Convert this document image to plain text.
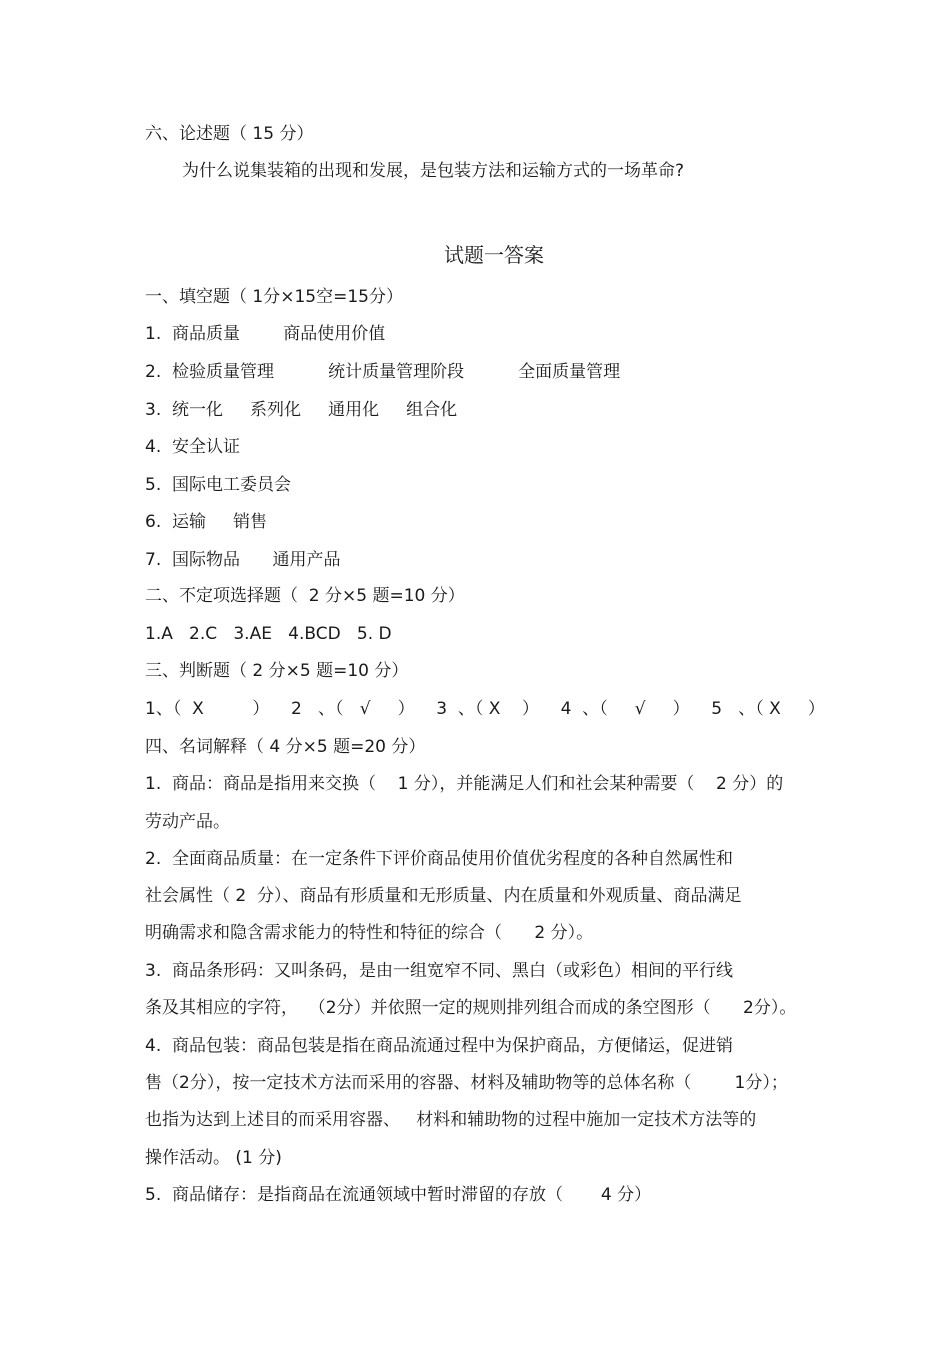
六、论述题（ 15 分）

为什么说集装箱的出现和发展，是包装方法和运输方式的一场革命?

试题一答案

一、填空题（ 1分×15空=15分）

1.  商品质量        商品使用价值

2.  检验质量管理          统计质量管理阶段          全面质量管理

3.  统一化     系列化     通用化     组合化

4.  安全认证

5.  国际电工委员会

6.  运输     销售

7.  国际物品      通用产品

二、不定项选择题（  2 分×5 题=10 分）

1.A   2.C   3.AE   4.BCD   5. D

三、判断题（ 2 分×5 题=10 分）

1、（  X         ）    2   、（   √     ）    3  、（ X    ）    4  、（     √     ）    5   、（ X     ）

四、名词解释（ 4 分×5 题=20 分）

1.  商品：商品是指用来交换（    1 分），并能满足人们和社会某种需要（    2 分）的

劳动产品。

2.  全面商品质量：在一定条件下评价商品使用价值优劣程度的各种自然属性和

社会属性（ 2  分）、商品有形质量和无形质量、内在质量和外观质量、商品满足

明确需求和隐含需求能力的特性和特征的综合（      2 分）。

3.  商品条形码：又叫条码，是由一组宽窄不同、黑白（或彩色）相间的平行线

条及其相应的字符，  （2分）并依照一定的规则排列组合而成的条空图形（      2分）。

4.  商品包装：商品包装是指在商品流通过程中为保护商品，方便储运，促进销

售（2分），按一定技术方法而采用的容器、材料及辅助物等的总体名称（        1分）；

也指为达到上述目的而采用容器、   材料和辅助物的过程中施加一定技术方法等的

操作活动。 (1 分)

5.  商品储存：是指商品在流通领域中暂时滞留的存放（       4 分）
